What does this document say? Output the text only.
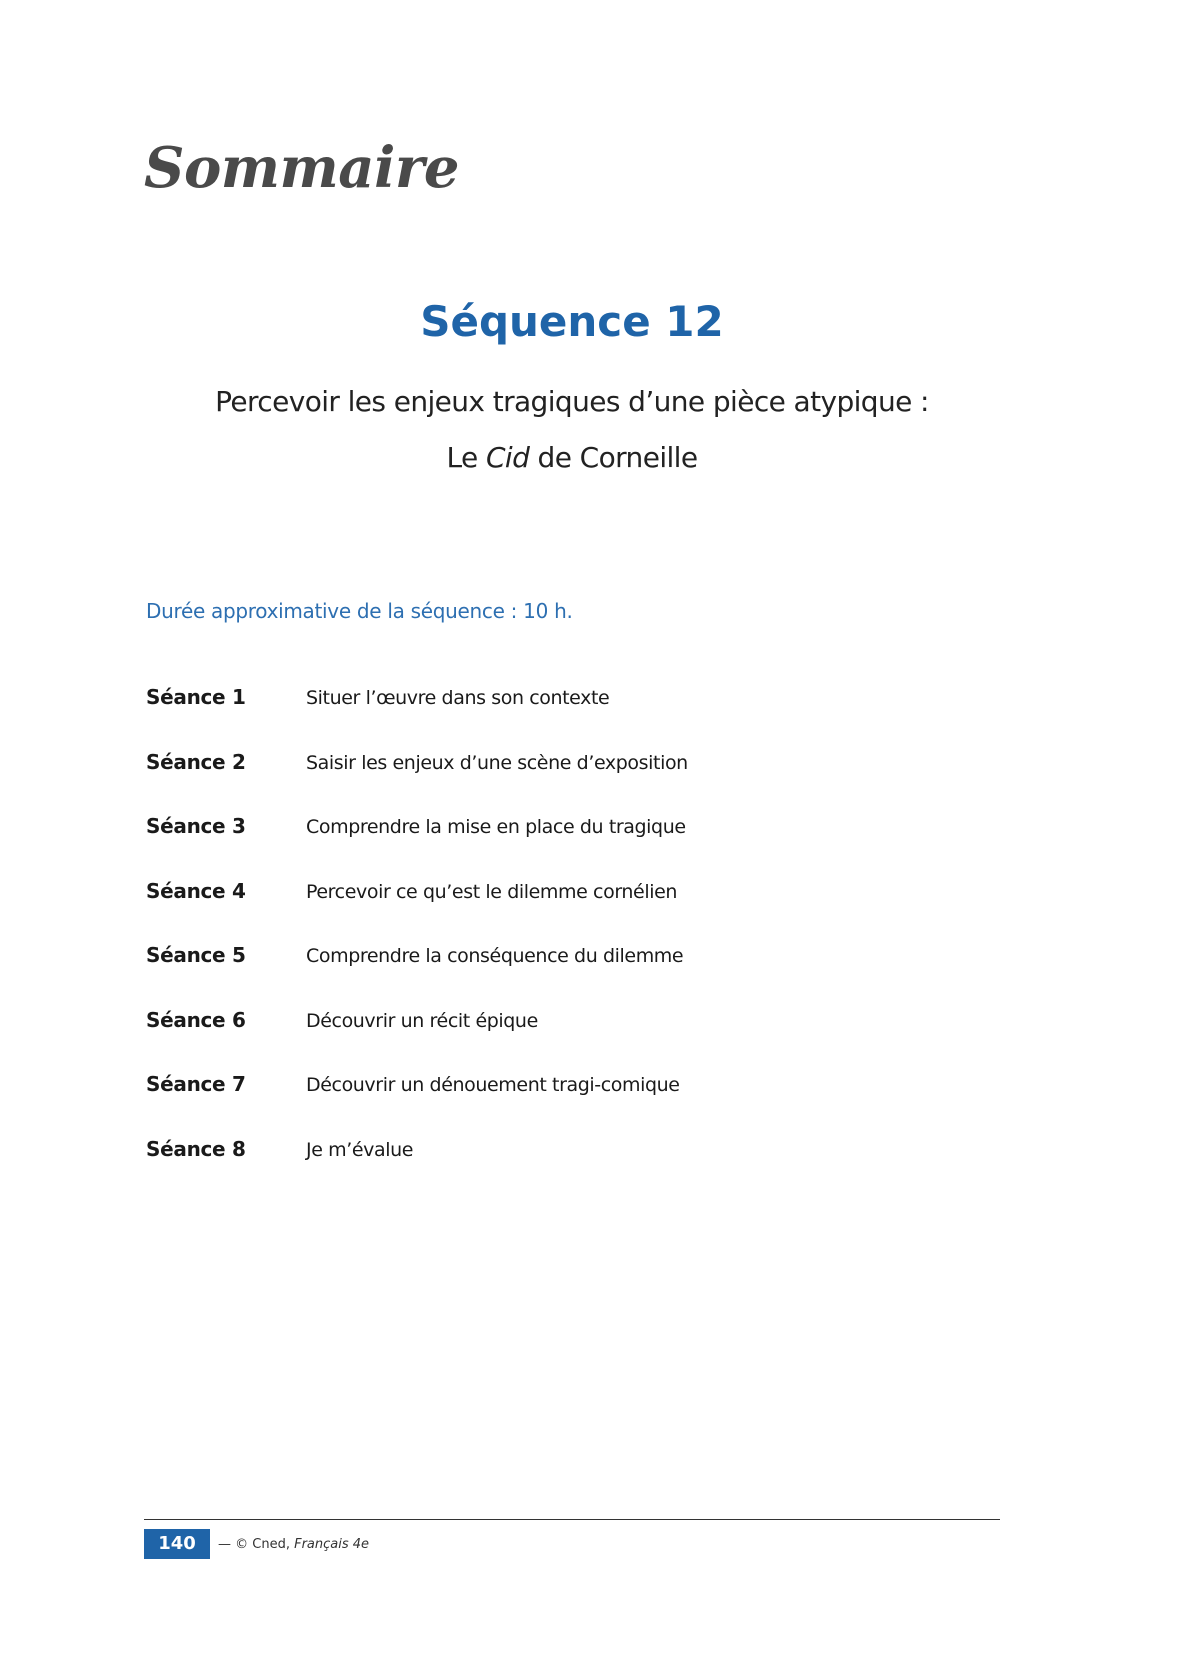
Sommaire
Séquence 12
Percevoir les enjeux tragiques d’une pièce atypique :
Le Cid de Corneille

Durée approximative de la séquence : 10 h.

Séance 1	Situer l’œuvre dans son contexte
Séance 2	Saisir les enjeux d’une scène d’exposition
Séance 3	Comprendre la mise en place du tragique
Séance 4	Percevoir ce qu’est le dilemme cornélien
Séance 5	Comprendre la conséquence du dilemme
Séance 6	Découvrir un récit épique
Séance 7	Découvrir un dénouement tragi-comique
Séance 8	Je m’évalue
140	— © Cned, Français 4e
